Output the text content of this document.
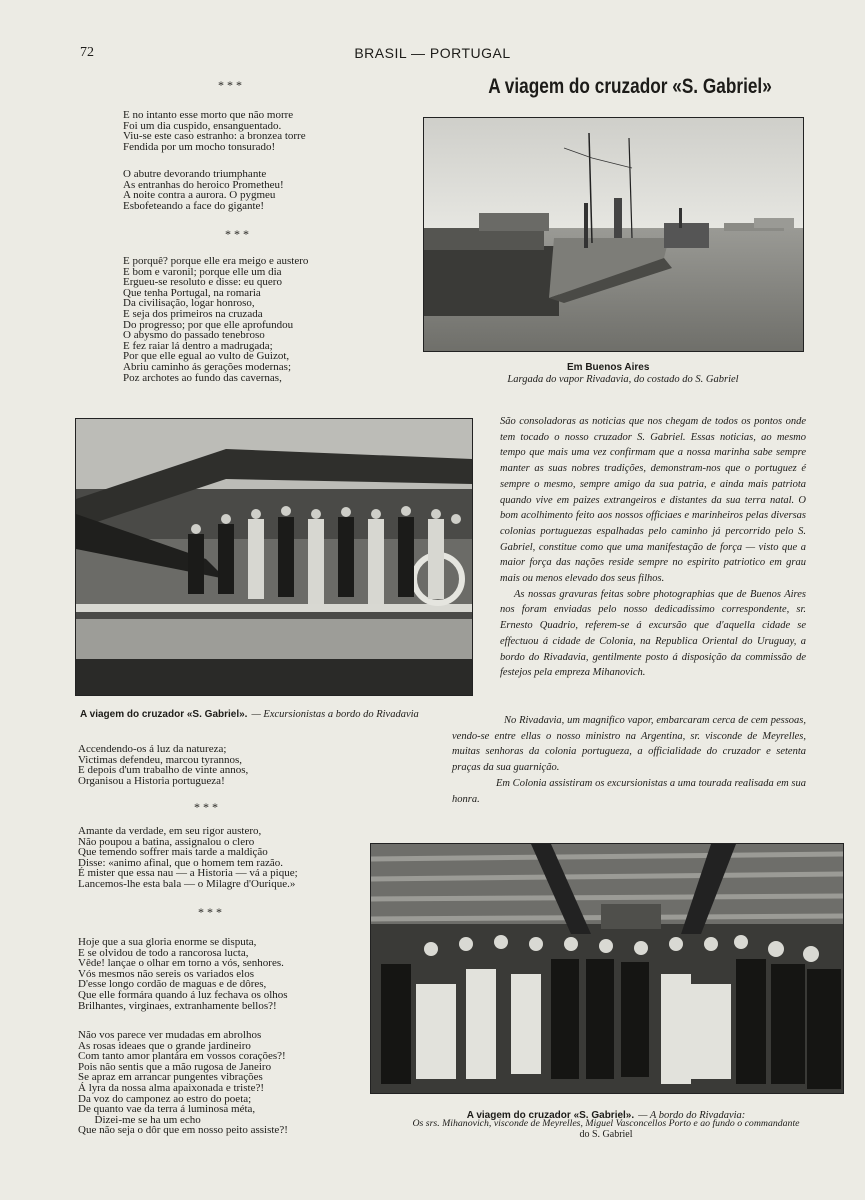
72	BRASIL — PORTUGAL
* * *
E no intanto esse morto que não morre
Foi um dia cuspido, ensanguentado.
Viu-se este caso estranho: a bronzea torre
Fendida por um mocho tonsurado!
O abutre devorando triumphante
As entranhas do heroico Prometheu!
A noite contra a aurora. O pygmeu
Esbofeteando a face do gigante!
* * *
E porquê? porque elle era meigo e austero
E bom e varonil; porque elle um dia
Ergueu-se resoluto e disse: eu quero
Que tenha Portugal, na romaria
Da civilisação, logar honroso,
E seja dos primeiros na cruzada
Do progresso; por que elle aprofundou
O abysmo do passado tenebroso
E fez raiar lá dentro a madrugada;
Por que elle egual ao vulto de Guizot,
Abriu caminho ás gerações modernas;
Poz archotes ao fundo das cavernas,
A viagem do cruzador «S. Gabriel»
Em Buenos Aires
Largada do vapor Rivadavia, do costado do S. Gabriel
A viagem do cruzador «S. Gabriel». — Excursionistas a bordo do Rivadavia

São consoladoras as noticias que nos chegam de todos os pontos onde tem tocado o nosso cruzador S. Gabriel. Essas noticias, ao mesmo tempo que mais uma vez confirmam que a nossa marinha sabe sempre manter as suas nobres tradições, demonstram-nos que o portuguez é sempre o mesmo, sempre amigo da sua patria, e ainda mais patriota quando vive em paizes extrangeiros e distantes da sua terra natal. O bom acolhimento feito aos nossos officiaes e marinheiros pelas diversas colonias portuguezas espalhadas pelo caminho já percorrido pelo S. Gabriel, constitue como que uma manifestação de força — visto que a maior força das nações reside sempre no espirito patriotico em grau mais ou menos elevado dos seus filhos.

As nossas gravuras feitas sobre photographias que de Buenos Aires nos foram enviadas pelo nosso dedicadissimo correspondente, sr. Ernesto Quadrio, referem-se á excursão que d'aquella cidade se effectuou á cidade de Colonia, na Republica Oriental do Uruguay, a bordo do Rivadavia, gentilmente posto á disposição da commissão de festejos pela empreza Mihanovich.

No Rivadavia, um magnifico vapor, embarcaram cerca de cem pessoas, vendo-se entre ellas o nosso ministro na Argentina, sr. visconde de Meyrelles, muitas senhoras da colonia portugueza, a officialidade do cruzador e setenta praças da sua guarnição.

Em Colonia assistiram os excursionistas a uma tourada realisada em sua honra.

Accendendo-os á luz da natureza;
Victimas defendeu, marcou tyrannos,
E depois d'um trabalho de vinte annos,
Organisou a Historia portugueza!
* * *
Amante da verdade, em seu rigor austero,
Não poupou a batina, assignalou o clero
Que temendo soffrer mais tarde a maldição
Disse: «animo afinal, que o homem tem razão.
É mister que essa nau — a Historia — vá a pique;
Lancemos-lhe esta bala — o Milagre d'Ourique.»
* * *
Hoje que a sua gloria enorme se disputa,
E se olvidou de todo a rancorosa lucta,
Vêde! lançae o olhar em torno a vós, senhores.
Vós mesmos não sereis os variados elos
D'esse longo cordão de maguas e de dôres,
Que elle formára quando á luz fechava os olhos
Brilhantes, virginaes, extranhamente bellos?!
Não vos parece ver mudadas em abrolhos
As rosas ideaes que o grande jardineiro
Com tanto amor plantára em vossos corações?!
Pois não sentis que a mão rugosa de Janeiro
Se apraz em arrancar pungentes vibrações
Á lyra da nossa alma apaixonada e triste?!
Da voz do camponez ao estro do poeta;
De quanto vae da terra á luminosa méta,
Dizei-me se ha um echo
Que não seja o dôr que em nosso peito assiste?!
A viagem do cruzador «S. Gabriel». — A bordo do Rivadavia:
Os srs. Mihanovich, visconde de Meyrelles, Miguel Vasconcellos Porto e ao fundo o commandante
do S. Gabriel
